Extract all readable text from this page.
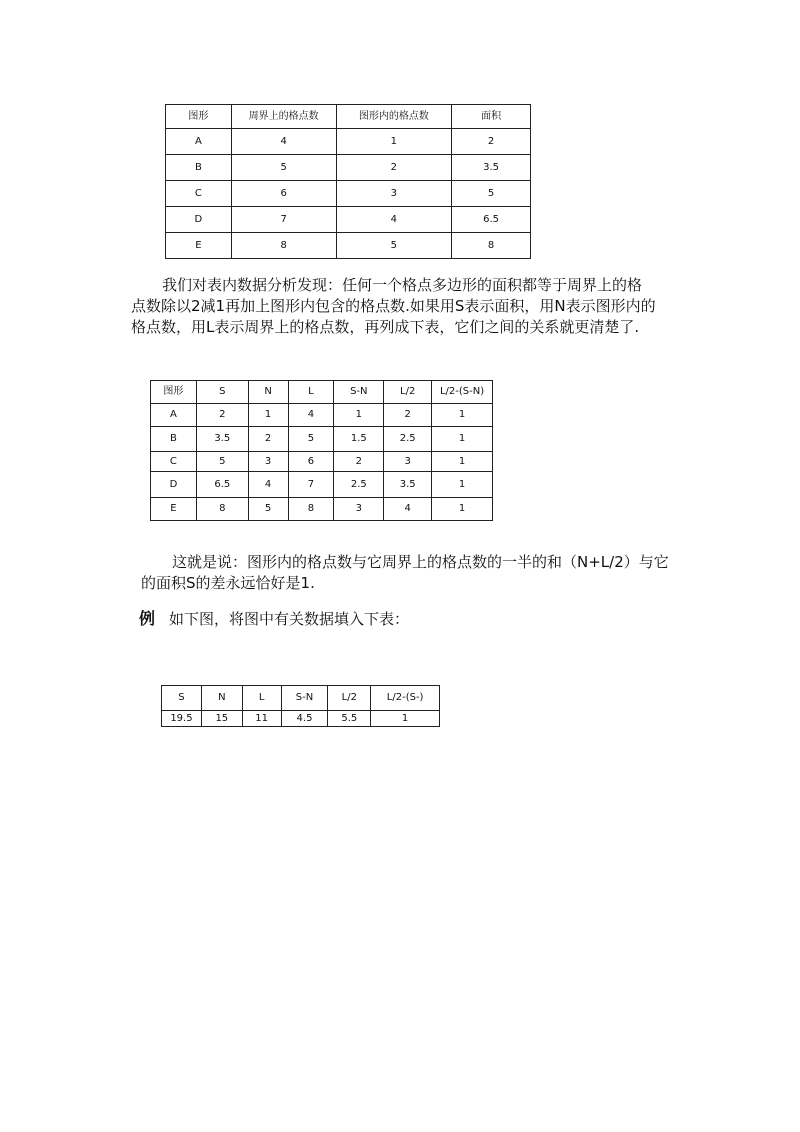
图形	周界上的格点数	图形内的格点数	面积
A	4	1	2
B	5	2	3.5
C	6	3	5
D	7	4	6.5
E	8	5	8

我们对表内数据分析发现：任何一个格点多边形的面积都等于周界上的格
点数除以2减1再加上图形内包含的格点数.如果用S表示面积，用N表示图形内的
格点数，用L表示周界上的格点数，再列成下表，它们之间的关系就更清楚了.

图形	S	N	L	S-N	L/2	L/2-(S-N)
A	2	1	4	1	2	1
B	3.5	2	5	1.5	2.5	1
C	5	3	6	2	3	1
D	6.5	4	7	2.5	3.5	1
E	8	5	8	3	4	1

这就是说：图形内的格点数与它周界上的格点数的一半的和（N+L/2）与它
的面积S的差永远恰好是1.

例 如下图，将图中有关数据填入下表：
S	N	L	S-N	L/2	L/2-(S-)
19.5	15	11	4.5	5.5	1
